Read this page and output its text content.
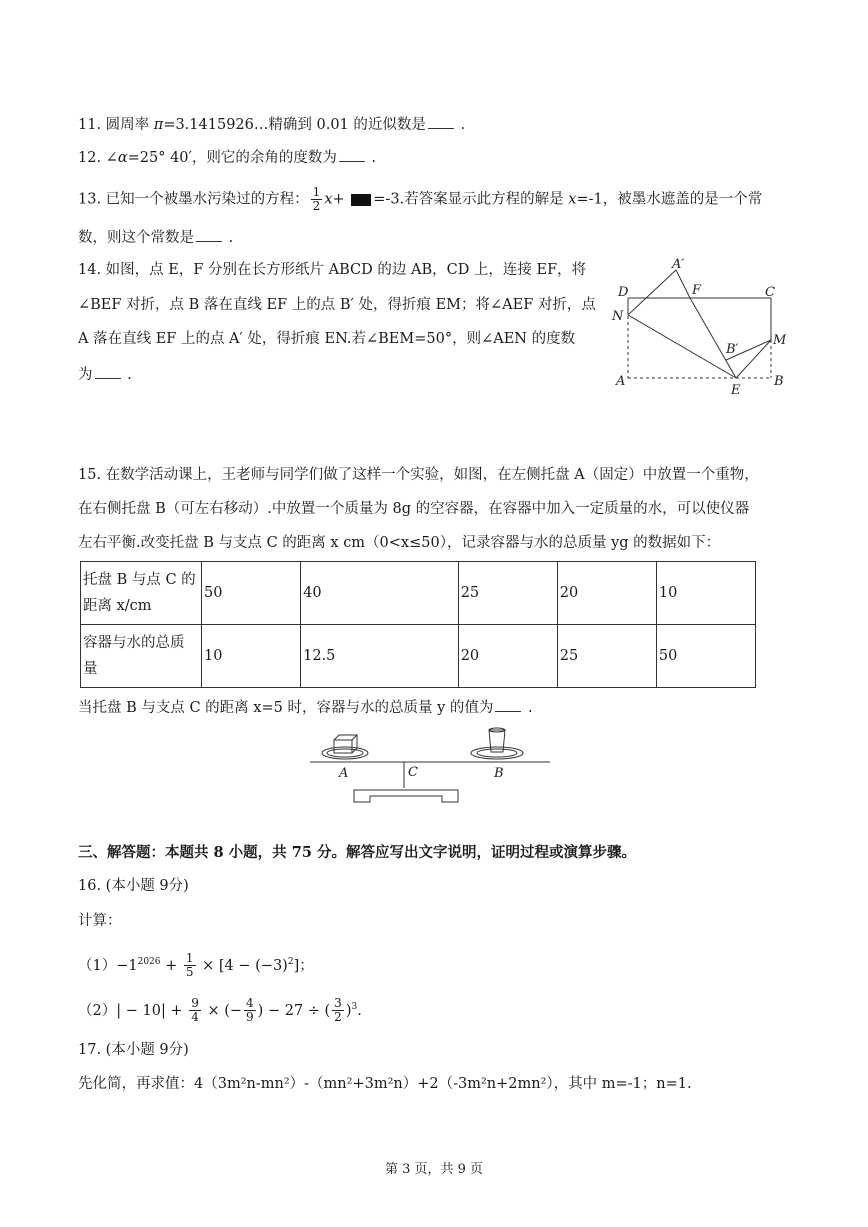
11. 圆周率 π=3.1415926…精确到 0.01 的近似数是 .
12. ∠α=25° 40′，则它的余角的度数为 .
13. 已知一个被墨水污染过的方程： $\frac{1}{2} x+ =-3$.若答案显示此方程的解是 x=-1，被墨水遮盖的是一个常
数，则这个常数是 .
14. 如图，点 E，F 分别在长方形纸片 ABCD 的边 AB，CD 上，连接 EF，将
∠BEF 对折，点 B 落在直线 EF 上的点 B′ 处，得折痕 EM；将∠AEF 对折，点
A 落在直线 EF 上的点 A′ 处，得折痕 EN.若∠BEM=50°，则∠AEN 的度数
为 .
A′
D	F	C
N
B′
M
A
E
B
15. 在数学活动课上，王老师与同学们做了这样一个实验，如图，在左侧托盘 A（固定）中放置一个重物，
在右侧托盘 B（可左右移动）.中放置一个质量为 8g 的空容器，在容器中加入一定质量的水，可以使仪器
左右平衡.改变托盘 B 与支点 C 的距离 x cm（0<x≤50），记录容器与水的总质量 yg 的数据如下：
托盘 B 与点 C 的
距离 x/cm	50	40	25	20	10
容器与水的总质
量	10	12.5	20	25	50
当托盘 B 与支点 C 的距离 x=5 时，容器与水的总质量 y 的值为 .
A	C	B
三、解答题：本题共 8 小题，共 75 分。解答应写出文字说明，证明过程或演算步骤。
16. (本小题 9分)
计算：
$(1)-1^{2026} + \frac{1}{5} \times [4 - (-3)^2]$；
$(2)| - 10| + \frac{9}{4}$ × (− $\frac{4}{9}$ ) − 27 ÷ ( $\frac{3}{2} )^3$.
17. (本小题 9分)
先化简，再求值：4（3m²n-mn²）-（mn²+3m²n）+2（-3m²n+2mn²），其中 m=-1；n=1.
第 3 页，共 9 页
